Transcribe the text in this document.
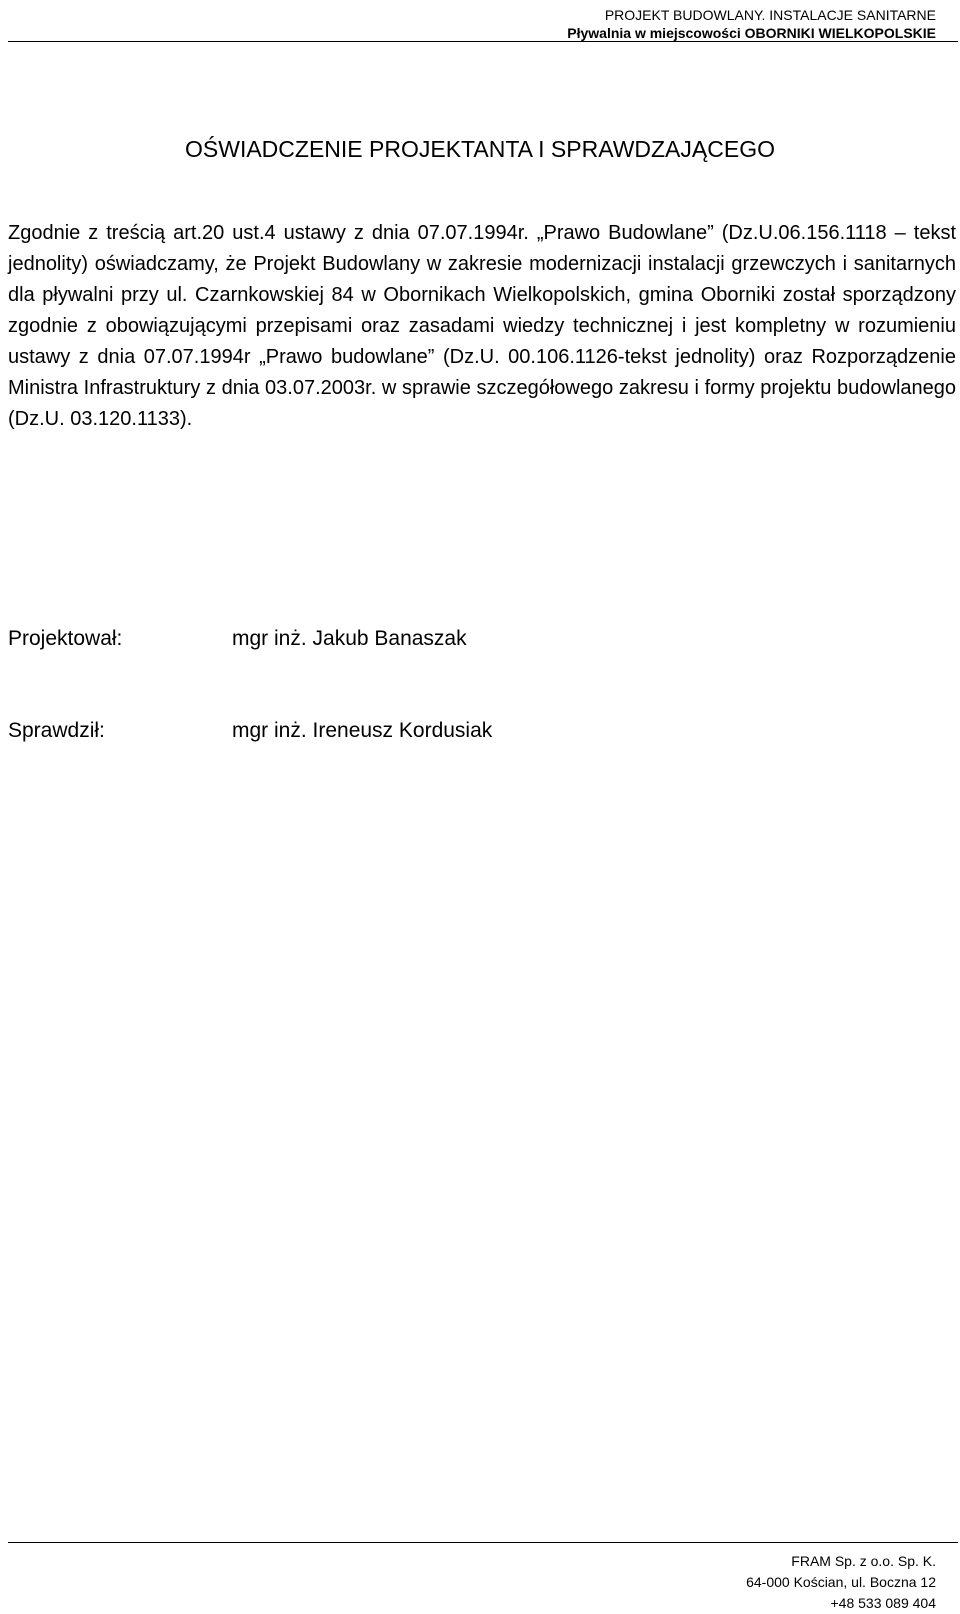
PROJEKT BUDOWLANY. INSTALACJE SANITARNE
Pływalnia w miejscowości OBORNIKI WIELKOPOLSKIE
OŚWIADCZENIE PROJEKTANTA I SPRAWDZAJĄCEGO

Zgodnie z treścią art.20 ust.4 ustawy z dnia 07.07.1994r. „Prawo Budowlane” (Dz.U.06.156.1118 – tekst jednolity) oświadczamy, że Projekt Budowlany w zakresie modernizacji instalacji grzewczych i sanitarnych dla pływalni przy ul. Czarnkowskiej 84 w Obornikach Wielkopolskich, gmina Oborniki został sporządzony zgodnie z obowiązującymi przepisami oraz zasadami wiedzy technicznej i jest kompletny w rozumieniu ustawy z dnia 07.07.1994r „Prawo budowlane” (Dz.U. 00.106.1126-tekst jednolity) oraz Rozporządzenie Ministra Infrastruktury z dnia 03.07.2003r. w sprawie szczegółowego zakresu i formy projektu budowlanego (Dz.U. 03.120.1133).

Projektował:	mgr inż. Jakub Banaszak
Sprawdził:	mgr inż. Ireneusz Kordusiak
FRAM Sp. z o.o. Sp. K.
64-000 Kościan, ul. Boczna 12
+48 533 089 404
